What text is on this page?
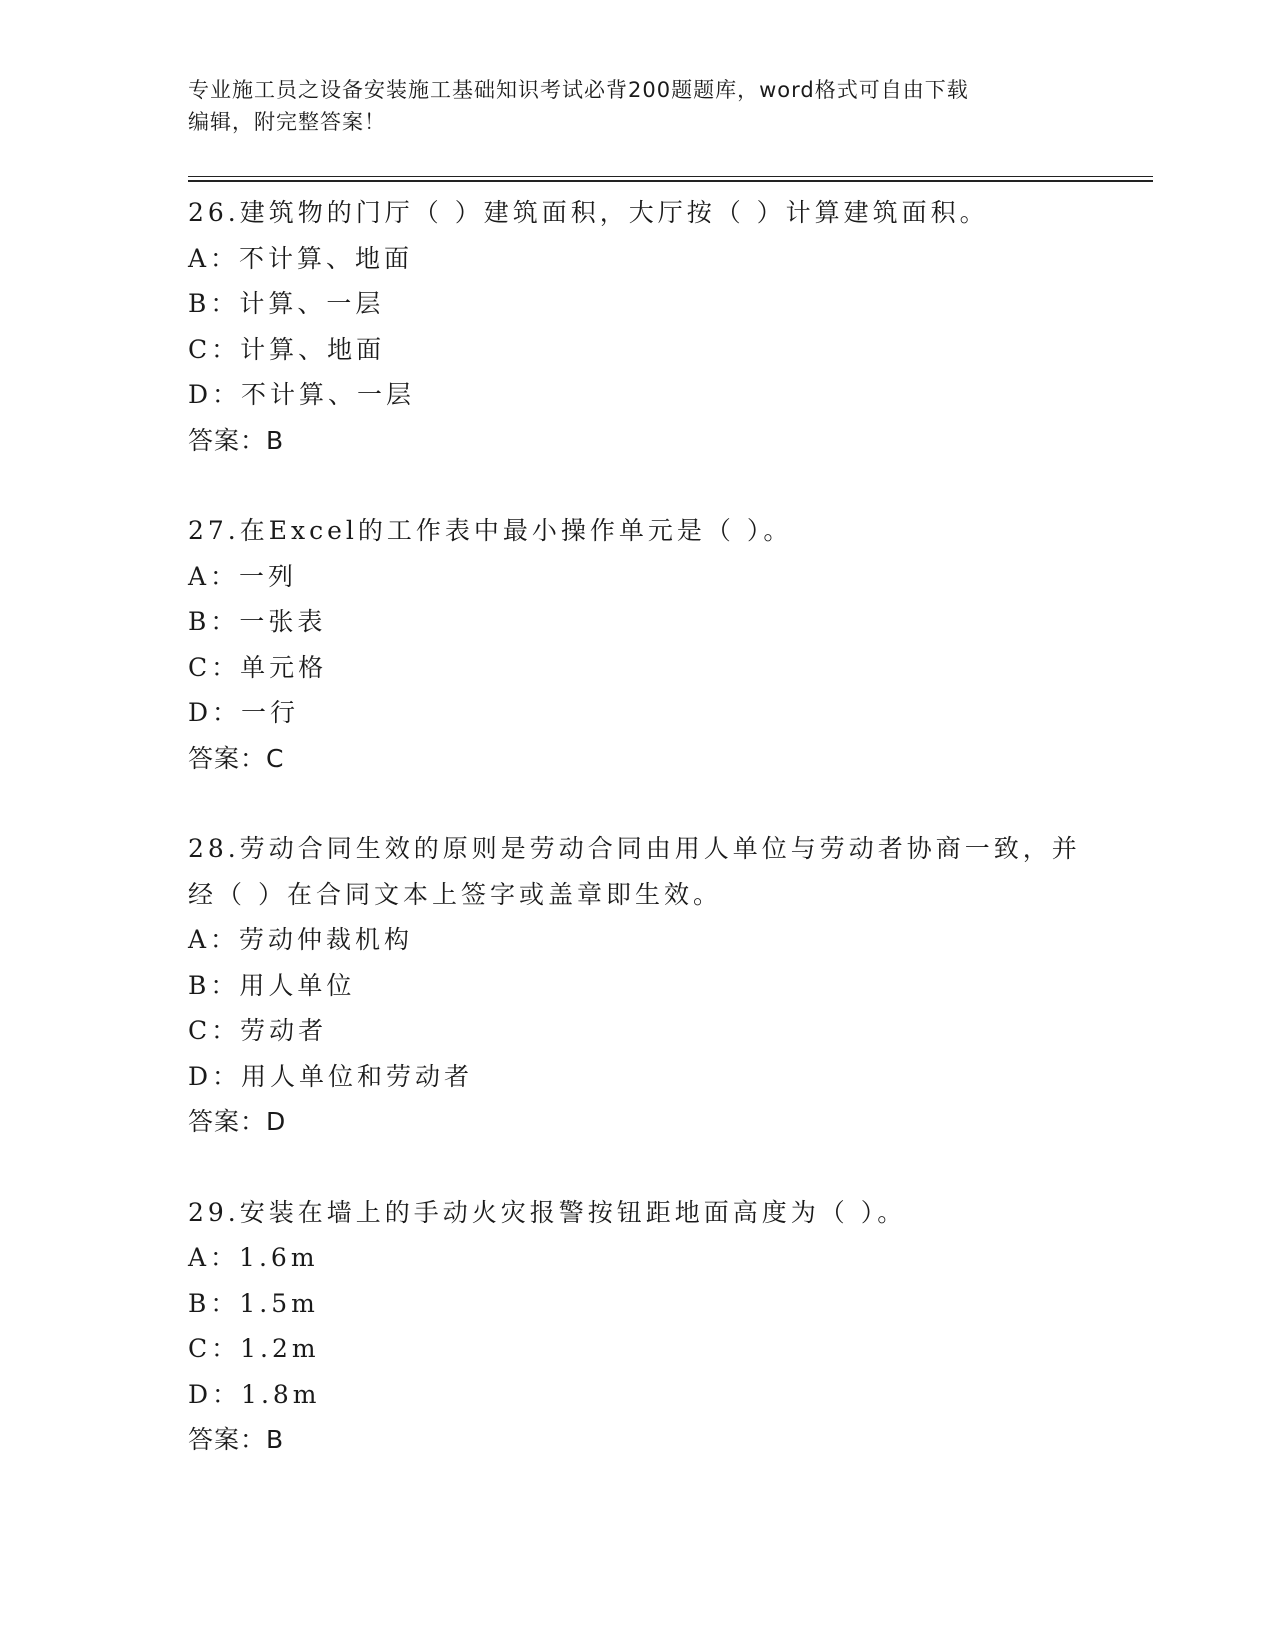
专业施工员之设备安装施工基础知识考试必背200题题库，word格式可自由下载
编辑，附完整答案！
26.建筑物的门厅（ ）建筑面积，大厅按（ ）计算建筑面积。
A：不计算、地面
B：计算、一层
C：计算、地面
D：不计算、一层
答案：B
27.在Excel的工作表中最小操作单元是（ ）。
A：一列
B：一张表
C：单元格
D：一行
答案：C
28.劳动合同生效的原则是劳动合同由用人单位与劳动者协商一致，并
经（ ）在合同文本上签字或盖章即生效。
A：劳动仲裁机构
B：用人单位
C：劳动者
D：用人单位和劳动者
答案：D
29.安装在墙上的手动火灾报警按钮距地面高度为（ ）。
A：1.6m
B：1.5m
C：1.2m
D：1.8m
答案：B
